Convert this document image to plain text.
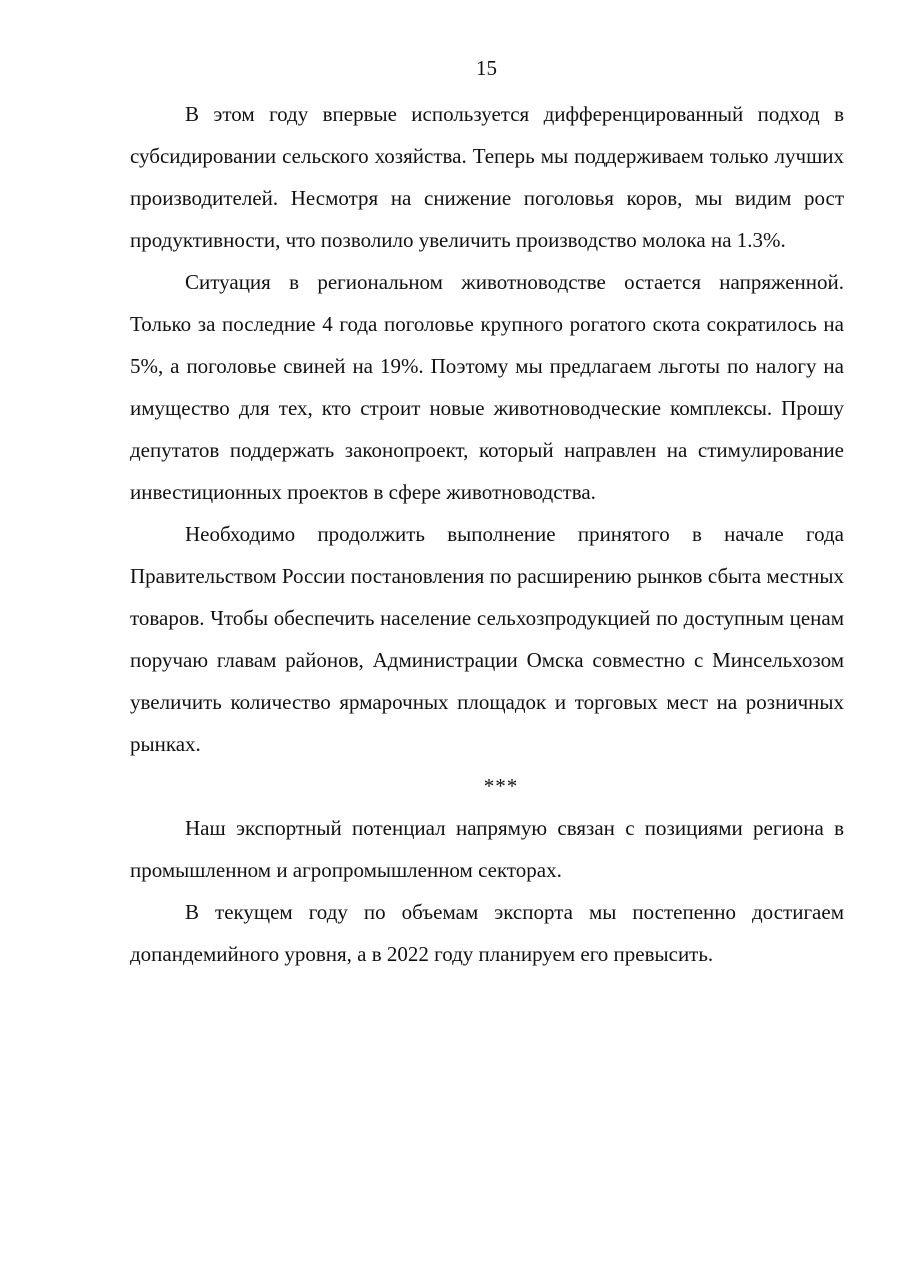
15

В этом году впервые используется дифференцированный подход в субсидировании сельского хозяйства. Теперь мы поддерживаем только лучших производителей. Несмотря на снижение поголовья коров, мы видим рост продуктивности, что позволило увеличить производство молока на 1.3%.

Ситуация в региональном животноводстве остается напряженной. Только за последние 4 года поголовье крупного рогатого скота сократилось на 5%, а поголовье свиней на 19%. Поэтому мы предлагаем льготы по налогу на имущество для тех, кто строит новые животноводческие комплексы. Прошу депутатов поддержать законопроект, который направлен на стимулирование инвестиционных проектов в сфере животноводства.

Необходимо продолжить выполнение принятого в начале года Правительством России постановления по расширению рынков сбыта местных товаров. Чтобы обеспечить население сельхозпродукцией по доступным ценам поручаю главам районов, Администрации Омска совместно с Минсельхозом увеличить количество ярмарочных площадок и торговых мест на розничных рынках.

***

Наш экспортный потенциал напрямую связан с позициями региона в промышленном и агропромышленном секторах.

В текущем году по объемам экспорта мы постепенно достигаем допандемийного уровня, а в 2022 году планируем его превысить.
